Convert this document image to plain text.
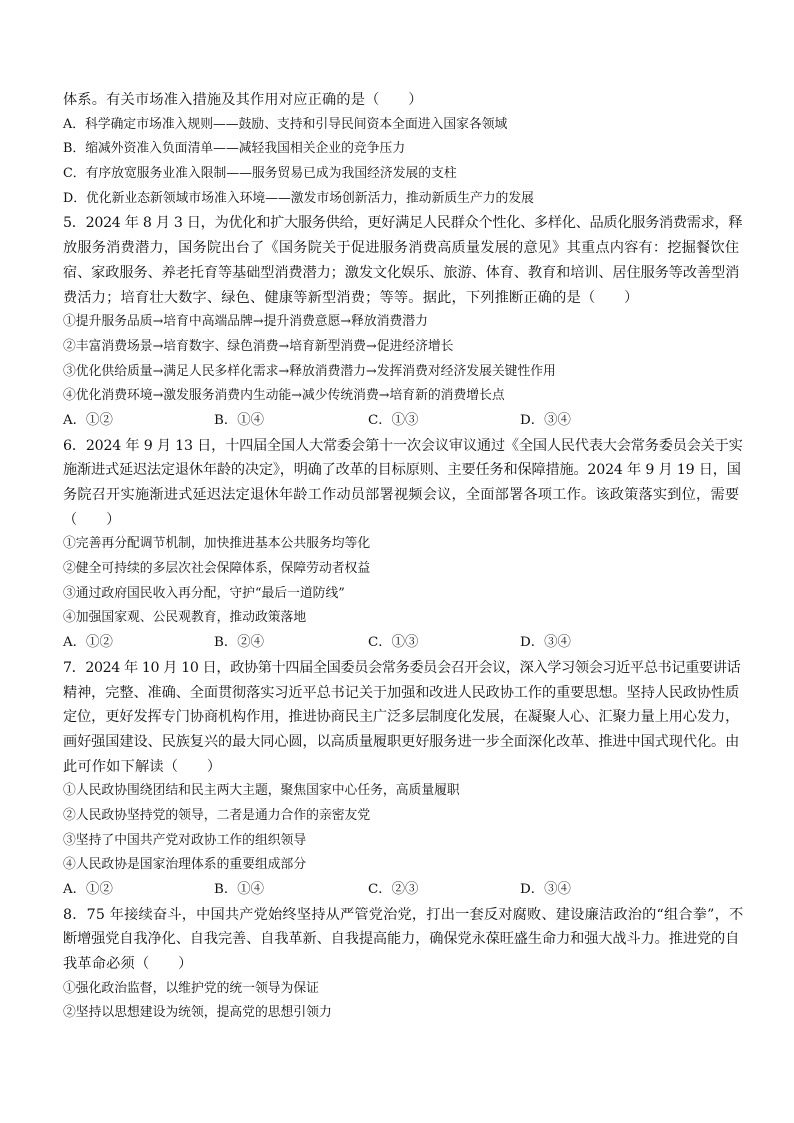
体系。有关市场准入措施及其作用对应正确的是（　　）
A．科学确定市场准入规则——鼓励、支持和引导民间资本全面进入国家各领域
B．缩减外资准入负面清单——减轻我国相关企业的竞争压力
C．有序放宽服务业准入限制——服务贸易已成为我国经济发展的支柱
D．优化新业态新领域市场准入环境——激发市场创新活力，推动新质生产力的发展
5．2024 年 8 月 3 日，为优化和扩大服务供给，更好满足人民群众个性化、多样化、品质化服务消费需求，释
放服务消费潜力，国务院出台了《国务院关于促进服务消费高质量发展的意见》其重点内容有：挖掘餐饮住
宿、家政服务、养老托育等基础型消费潜力；激发文化娱乐、旅游、体育、教育和培训、居住服务等改善型消
费活力；培育壮大数字、绿色、健康等新型消费；等等。据此，下列推断正确的是（　　）
①提升服务品质→培育中高端品牌→提升消费意愿→释放消费潜力
②丰富消费场景→培育数字、绿色消费→培育新型消费→促进经济增长
③优化供给质量→满足人民多样化需求→释放消费潜力→发挥消费对经济发展关键性作用
④优化消费环境→激发服务消费内生动能→减少传统消费→培育新的消费增长点
A．①②	B．①④	C．①③	D．③④
6．2024 年 9 月 13 日，十四届全国人大常委会第十一次会议审议通过《全国人民代表大会常务委员会关于实
施渐进式延迟法定退休年龄的决定》，明确了改革的目标原则、主要任务和保障措施。2024 年 9 月 19 日，国
务院召开实施渐进式延迟法定退休年龄工作动员部署视频会议，全面部署各项工作。该政策落实到位，需要
（　　）
①完善再分配调节机制，加快推进基本公共服务均等化
②健全可持续的多层次社会保障体系，保障劳动者权益
③通过政府国民收入再分配，守护“最后一道防线”
④加强国家观、公民观教育，推动政策落地
A．①②	B．②④	C．①③	D．③④
7．2024 年 10 月 10 日，政协第十四届全国委员会常务委员会召开会议，深入学习领会习近平总书记重要讲话
精神，完整、准确、全面贯彻落实习近平总书记关于加强和改进人民政协工作的重要思想。坚持人民政协性质
定位，更好发挥专门协商机构作用，推进协商民主广泛多层制度化发展，在凝聚人心、汇聚力量上用心发力，
画好强国建设、民族复兴的最大同心圆，以高质量履职更好服务进一步全面深化改革、推进中国式现代化。由
此可作如下解读（　　）
①人民政协围绕团结和民主两大主题，聚焦国家中心任务，高质量履职
②人民政协坚持党的领导，二者是通力合作的亲密友党
③坚持了中国共产党对政协工作的组织领导
④人民政协是国家治理体系的重要组成部分
A．①②	B．①④	C．②③	D．③④
8．75 年接续奋斗，中国共产党始终坚持从严管党治党，打出一套反对腐败、建设廉洁政治的“组合拳”，不
断增强党自我净化、自我完善、自我革新、自我提高能力，确保党永葆旺盛生命力和强大战斗力。推进党的自
我革命必须（　　）
①强化政治监督，以维护党的统一领导为保证
②坚持以思想建设为统领，提高党的思想引领力
